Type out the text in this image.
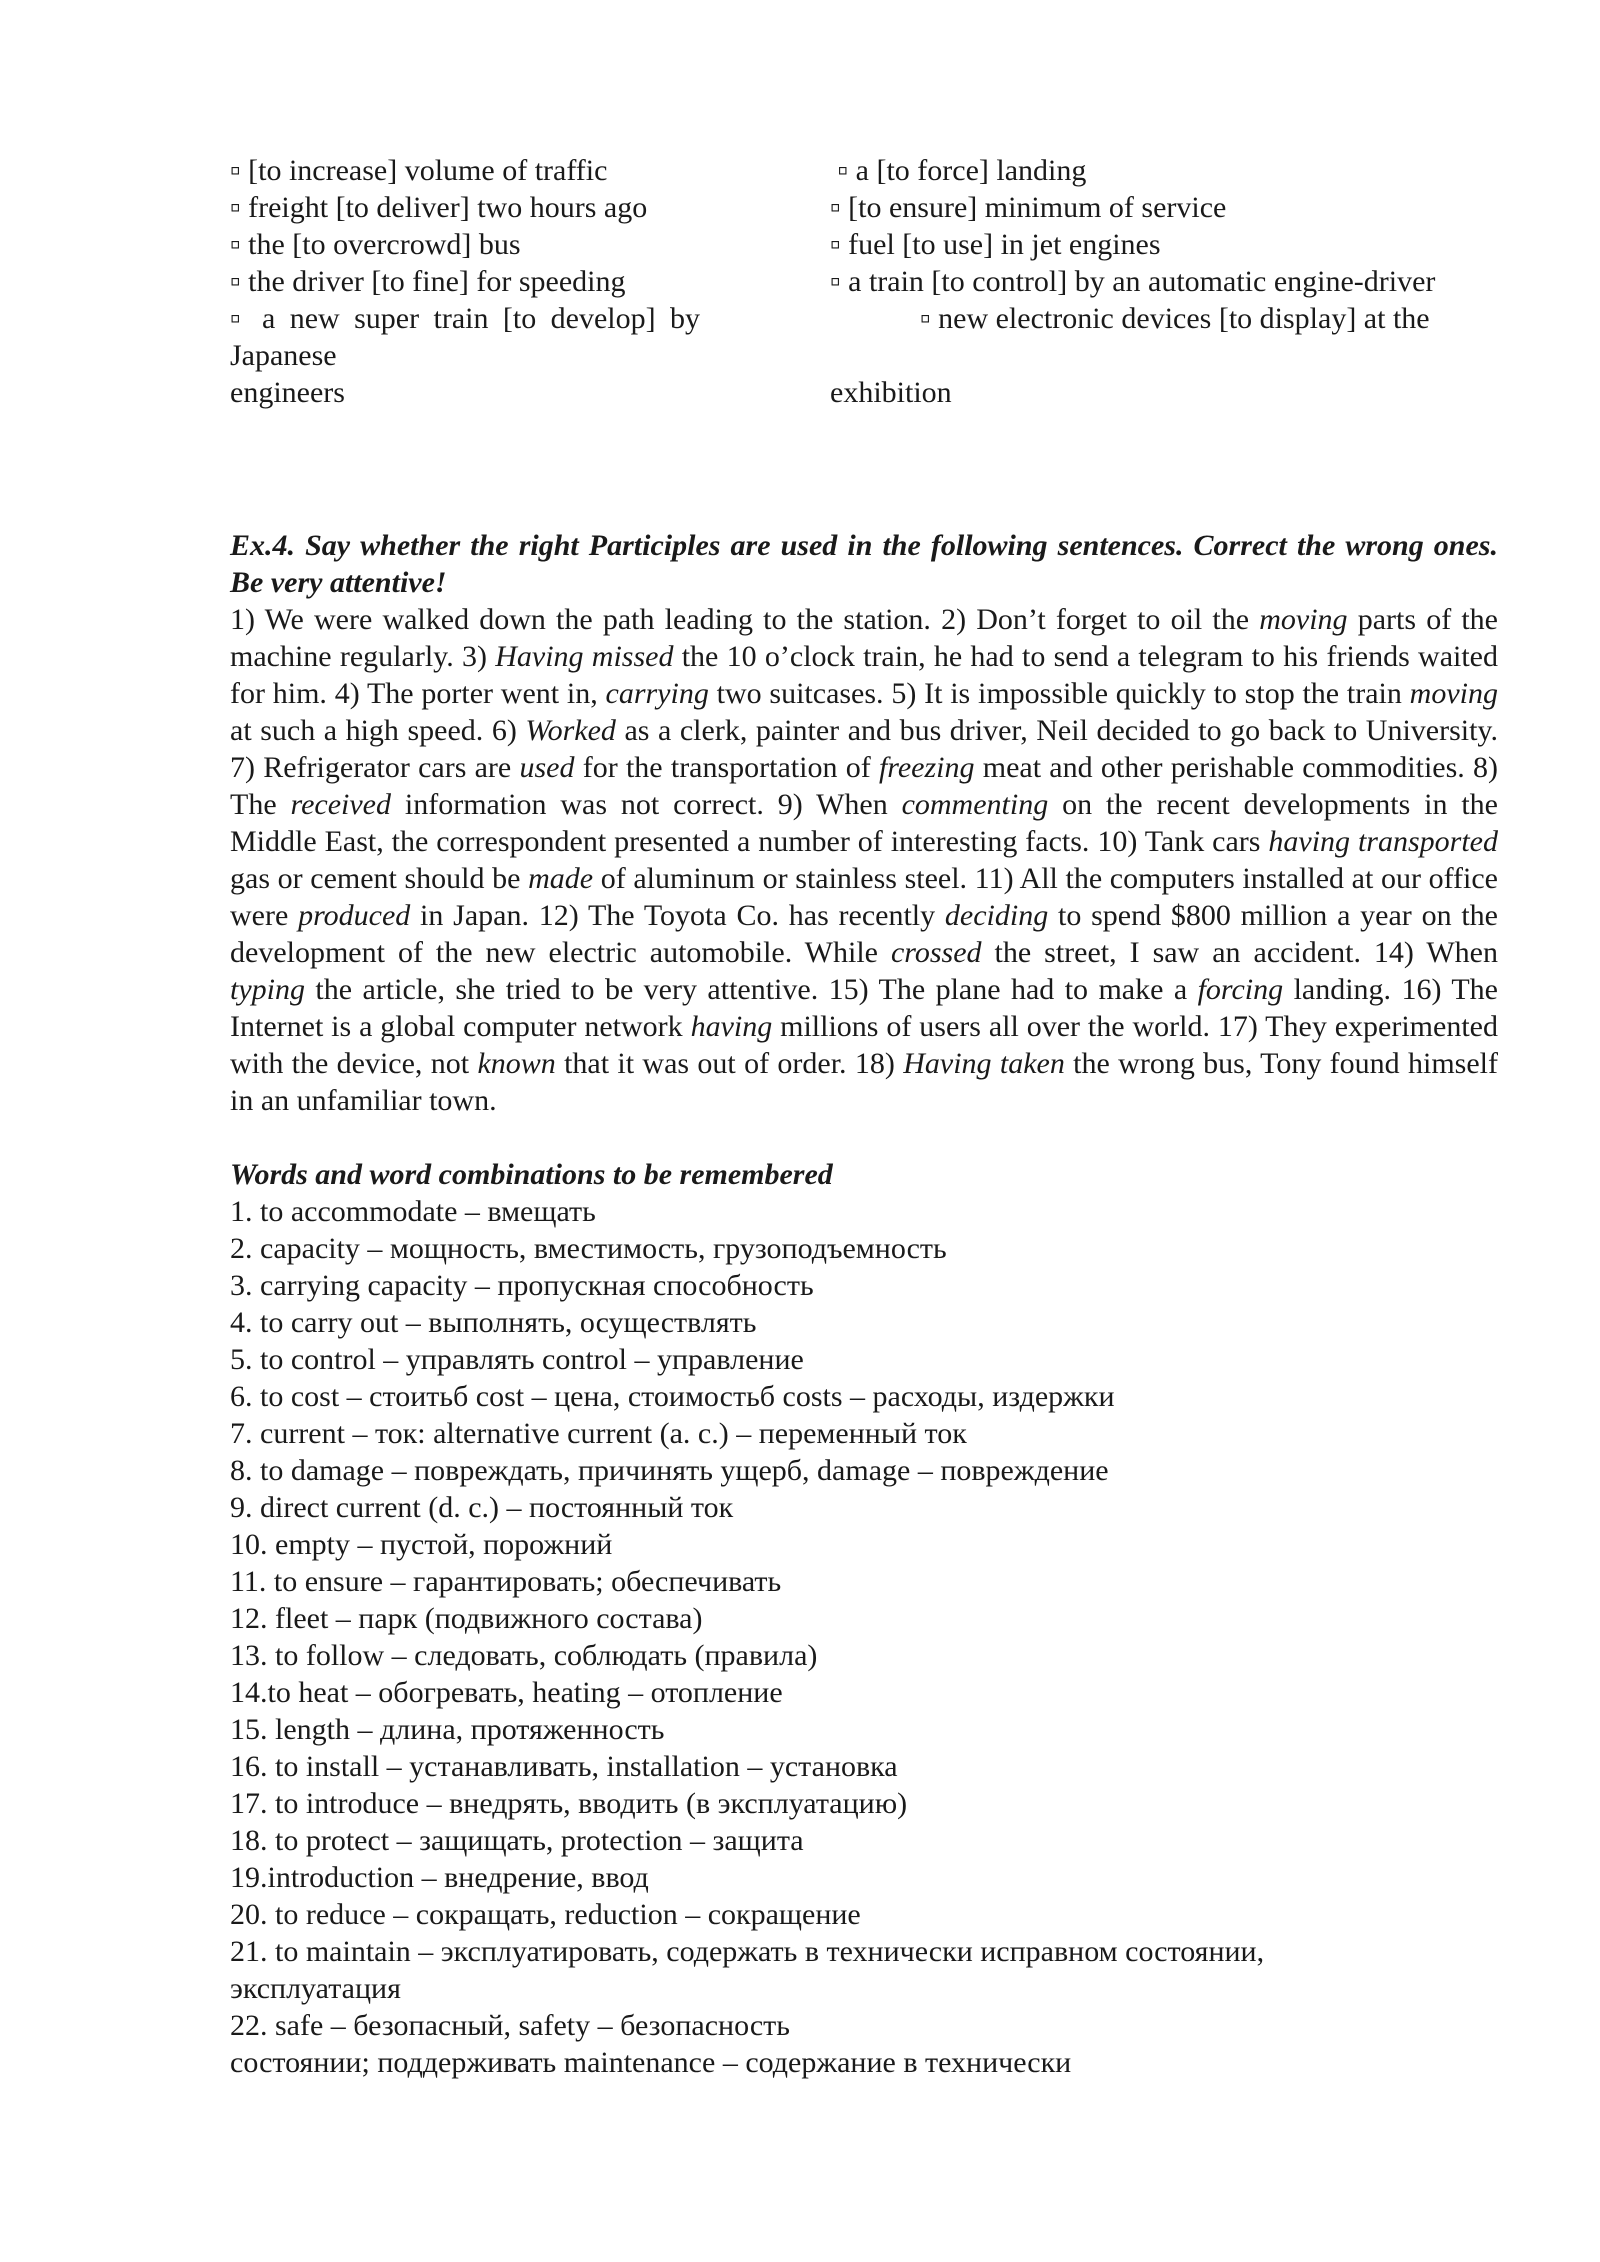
▫ [to increase] volume of traffic
▫ freight [to deliver] two hours ago
▫ the [to overcrowd] bus
▫ the driver [to fine] for speeding
▫ a new super train [to develop] by Japanese
engineers
▫ a [to force] landing
▫ [to ensure] minimum of service
▫ fuel [to use] in jet engines
▫ a train [to control] by an automatic engine-driver
▫ new electronic devices [to display] at the
exhibition
Ex.4. Say whether the right Participles are used in the following sentences. Correct the wrong ones. Be very attentive!
1) We were walked down the path leading to the station. 2) Don’t forget to oil the moving parts of the machine regularly. 3) Having missed the 10 o’clock train, he had to send a telegram to his friends waited for him. 4) The porter went in, carrying two suitcases. 5) It is impossible quickly to stop the train moving at such a high speed. 6) Worked as a clerk, painter and bus driver, Neil decided to go back to University. 7) Refrigerator cars are used for the transportation of freezing meat and other perishable commodities. 8) The received information was not correct. 9) When commenting on the recent developments in the Middle East, the correspondent presented a number of interesting facts. 10) Tank cars having transported gas or cement should be made of aluminum or stainless steel. 11) All the computers installed at our office were produced in Japan. 12) The Toyota Co. has recently deciding to spend $800 million a year on the development of the new electric automobile. While crossed the street, I saw an accident. 14) When typing the article, she tried to be very attentive. 15) The plane had to make a forcing landing. 16) The Internet is a global computer network having millions of users all over the world. 17) They experimented with the device, not known that it was out of order. 18) Having taken the wrong bus, Tony found himself in an unfamiliar town.
Words and word combinations to be remembered
1. to accommodate – вмещать
2. capacity – мощность, вместимость, грузоподъемность
3. carrying capacity – пропускная способность
4. to carry out – выполнять, осуществлять
5. to control – управлять control – управление
6. to cost – стоитьб cost – цена, стоимостьб costs – расходы, издержки
7. current – ток: alternative current (a. c.) – переменный ток
8. to damage – повреждать, причинять ущерб, damage – повреждение
9. direct current (d. c.) – постоянный ток
10. empty – пустой, порожний
11. to ensure – гарантировать; обеспечивать
12. fleet – парк (подвижного состава)
13. to follow – следовать, соблюдать (правила)
14.to heat – обогревать, heating – отопление
15. length – длина, протяженность
16. to install – устанавливать, installation – установка
17. to introduce – внедрять, вводить (в эксплуатацию)
18. to protect – защищать, protection – защита
19.introduction – внедрение, ввод
20. to reduce – сокращать, reduction – сокращение
21. to maintain – эксплуатировать, содержать в технически исправном состоянии,
эксплуатация
22. safe – безопасный, safety – безопасность
состоянии; поддерживать maintenance – содержание в технически
